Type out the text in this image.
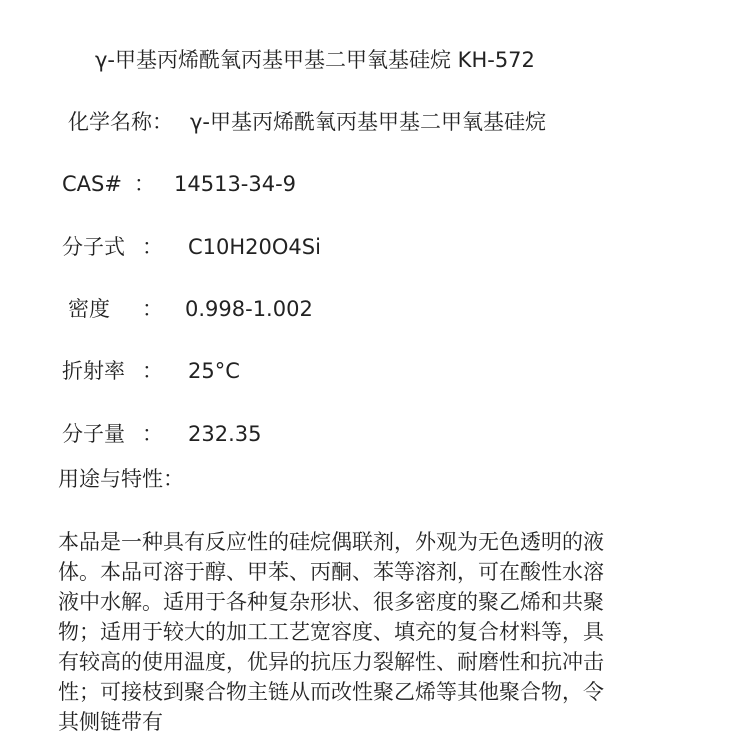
γ-甲基丙烯酰氧丙基甲基二甲氧基硅烷 KH-572
化学名称： γ-甲基丙烯酰氧丙基甲基二甲氧基硅烷
CAS# ： 14513-34-9
分子式 ： C10H20O4Si
密度 ： 0.998-1.002
折射率 ： 25°C
分子量 ： 232.35
用途与特性：
本品是一种具有反应性的硅烷偶联剂，外观为无色透明的液
体。本品可溶于醇、甲苯、丙酮、苯等溶剂，可在酸性水溶
液中水解。适用于各种复杂形状、很多密度的聚乙烯和共聚
物；适用于较大的加工工艺宽容度、填充的复合材料等，具
有较高的使用温度，优异的抗压力裂解性、耐磨性和抗冲击
性；可接枝到聚合物主链从而改性聚乙烯等其他聚合物，令
其侧链带有
